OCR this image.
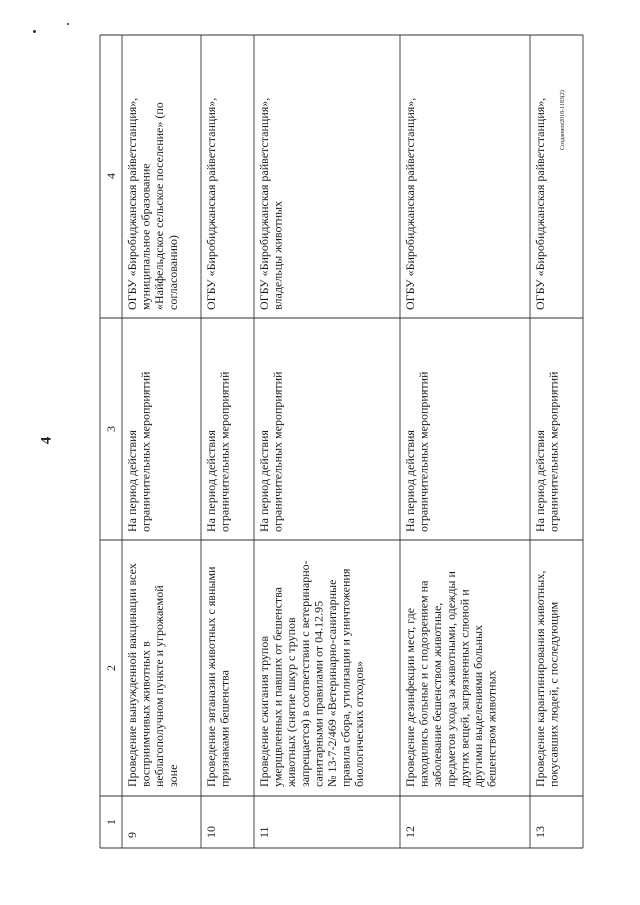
1
2
3
4
9
Проведение вынужденной вакцинации всех восприимчивых животных в неблагополучном пункте и угрожаемой зоне
На период действия ограничительных мероприятий
ОГБУ «Биробиджанская райветстанция», муниципальное образование «Найфельдское сельское поселение» (по согласованию)
10
Проведение эвтаназии животных с явными признаками бешенства
На период действия ограничительных мероприятий
ОГБУ «Биробиджанская райветстанция»,
11
Проведение сжигания трупов умерщвленных и павших от бешенства животных (снятие шкур с трупов запрещается) в соответствии с ветеринарно- санитарными правилами от 04.12.95 № 13-7-2/469 «Ветеринарно-санитарные правила сбора, утилизации и уничтожения биологических отходов»
На период действия ограничительных мероприятий
ОГБУ «Биробиджанская райветстанция», владельцы животных
12
Проведение дезинфекции мест, где находились больные и с подозрением на заболевание бешенством животные, предметов ухода за животными, одежды и других вещей, загрязненных слюной и другими выделениями больных бешенством животных
На период действия ограничительных мероприятий
ОГБУ «Биробиджанская райветстанция»,
13
Проведение карантинирования животных, покусавших людей, с последующим
На период действия ограничительных мероприятий
ОГБУ «Биробиджанская райветстанция»,
4
Созданное2018-1183(2)
